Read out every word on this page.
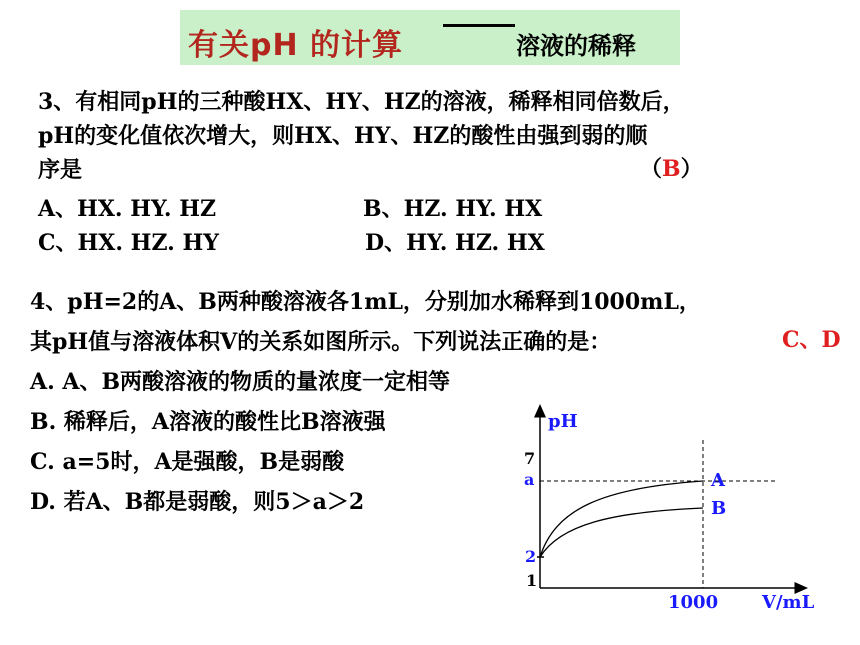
有关pH 的计算	溶液的稀释
3、有相同pH的三种酸HX、HY、HZ的溶液，稀释相同倍数后，
pH的变化值依次增大，则HX、HY、HZ的酸性由强到弱的顺
序是	（B）
A、HX. HY. HZ	B、HZ. HY. HX
C、HX. HZ. HY	D、HY. HZ. HX
4、pH=2的A、B两种酸溶液各1mL，分别加水稀释到1000mL，
其pH值与溶液体积V的关系如图所示。下列说法正确的是：
A. A、B两酸溶液的物质的量浓度一定相等
B. 稀释后，A溶液的酸性比B溶液强
C. a=5时，A是强酸，B是弱酸
D. 若A、B都是弱酸，则5＞a＞2
C、D
pH
V/mL
1000
7
a
2
1
A
B
